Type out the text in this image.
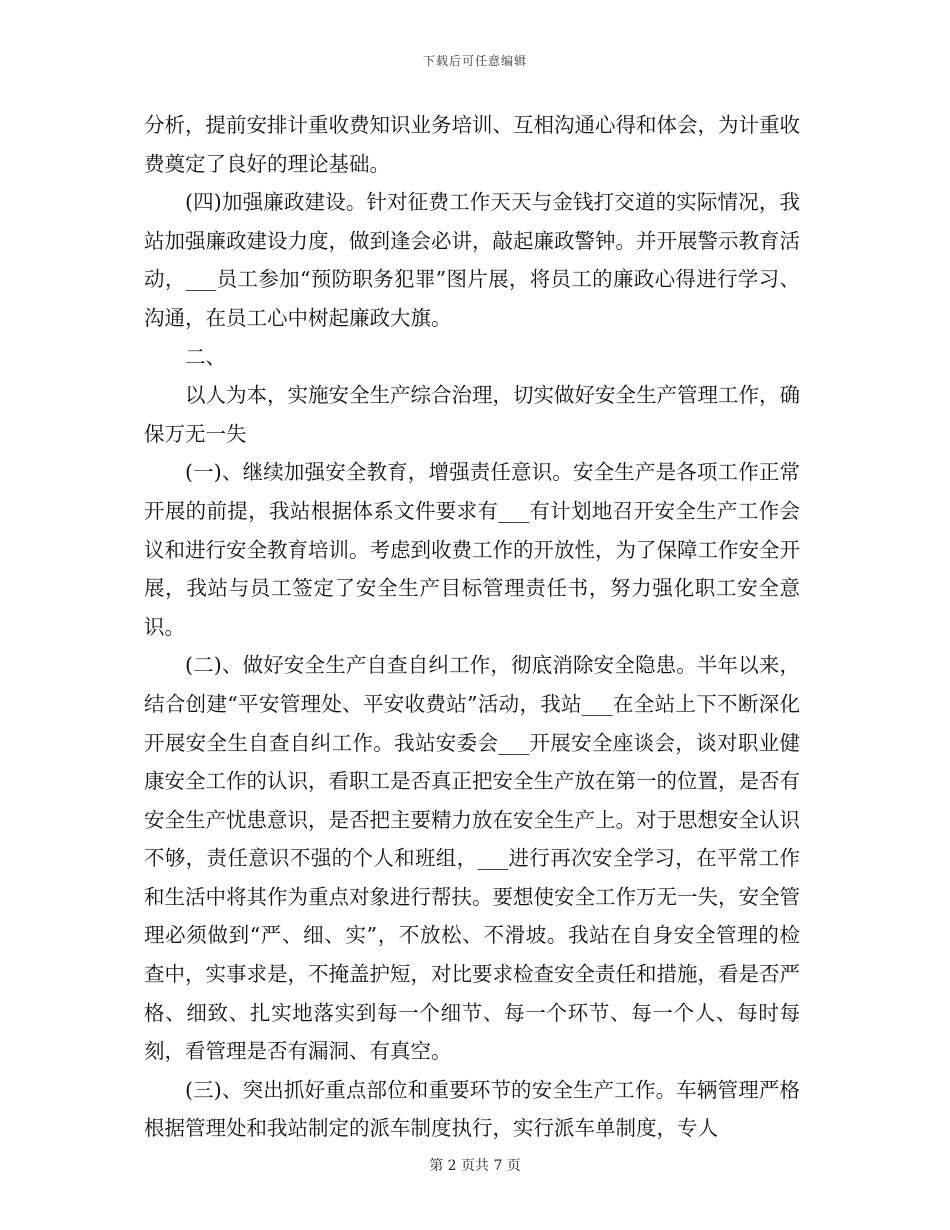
下载后可任意编辑

分析，提前安排计重收费知识业务培训、互相沟通心得和体会，为计重收费奠定了良好的理论基础。

(四)加强廉政建设。针对征费工作天天与金钱打交道的实际情况，我站加强廉政建设力度，做到逢会必讲，敲起廉政警钟。并开展警示教育活动，___员工参加“预防职务犯罪”图片展，将员工的廉政心得进行学习、沟通，在员工心中树起廉政大旗。

二、

以人为本，实施安全生产综合治理，切实做好安全生产管理工作，确保万无一失

(一)、继续加强安全教育，增强责任意识。安全生产是各项工作正常开展的前提，我站根据体系文件要求有___有计划地召开安全生产工作会议和进行安全教育培训。考虑到收费工作的开放性，为了保障工作安全开展，我站与员工签定了安全生产目标管理责任书，努力强化职工安全意识。

(二)、做好安全生产自查自纠工作，彻底消除安全隐患。半年以来，结合创建“平安管理处、平安收费站”活动，我站___在全站上下不断深化开展安全生自查自纠工作。我站安委会___开展安全座谈会，谈对职业健康安全工作的认识，看职工是否真正把安全生产放在第一的位置，是否有安全生产忧患意识，是否把主要精力放在安全生产上。对于思想安全认识不够，责任意识不强的个人和班组，___进行再次安全学习，在平常工作和生活中将其作为重点对象进行帮扶。要想使安全工作万无一失，安全管理必须做到“严、细、实”，不放松、不滑坡。我站在自身安全管理的检查中，实事求是，不掩盖护短，对比要求检查安全责任和措施，看是否严格、细致、扎实地落实到每一个细节、每一个环节、每一个人、每时每刻，看管理是否有漏洞、有真空。

(三)、突出抓好重点部位和重要环节的安全生产工作。车辆管理严格根据管理处和我站制定的派车制度执行，实行派车单制度，专人

第 2 页共 7 页
